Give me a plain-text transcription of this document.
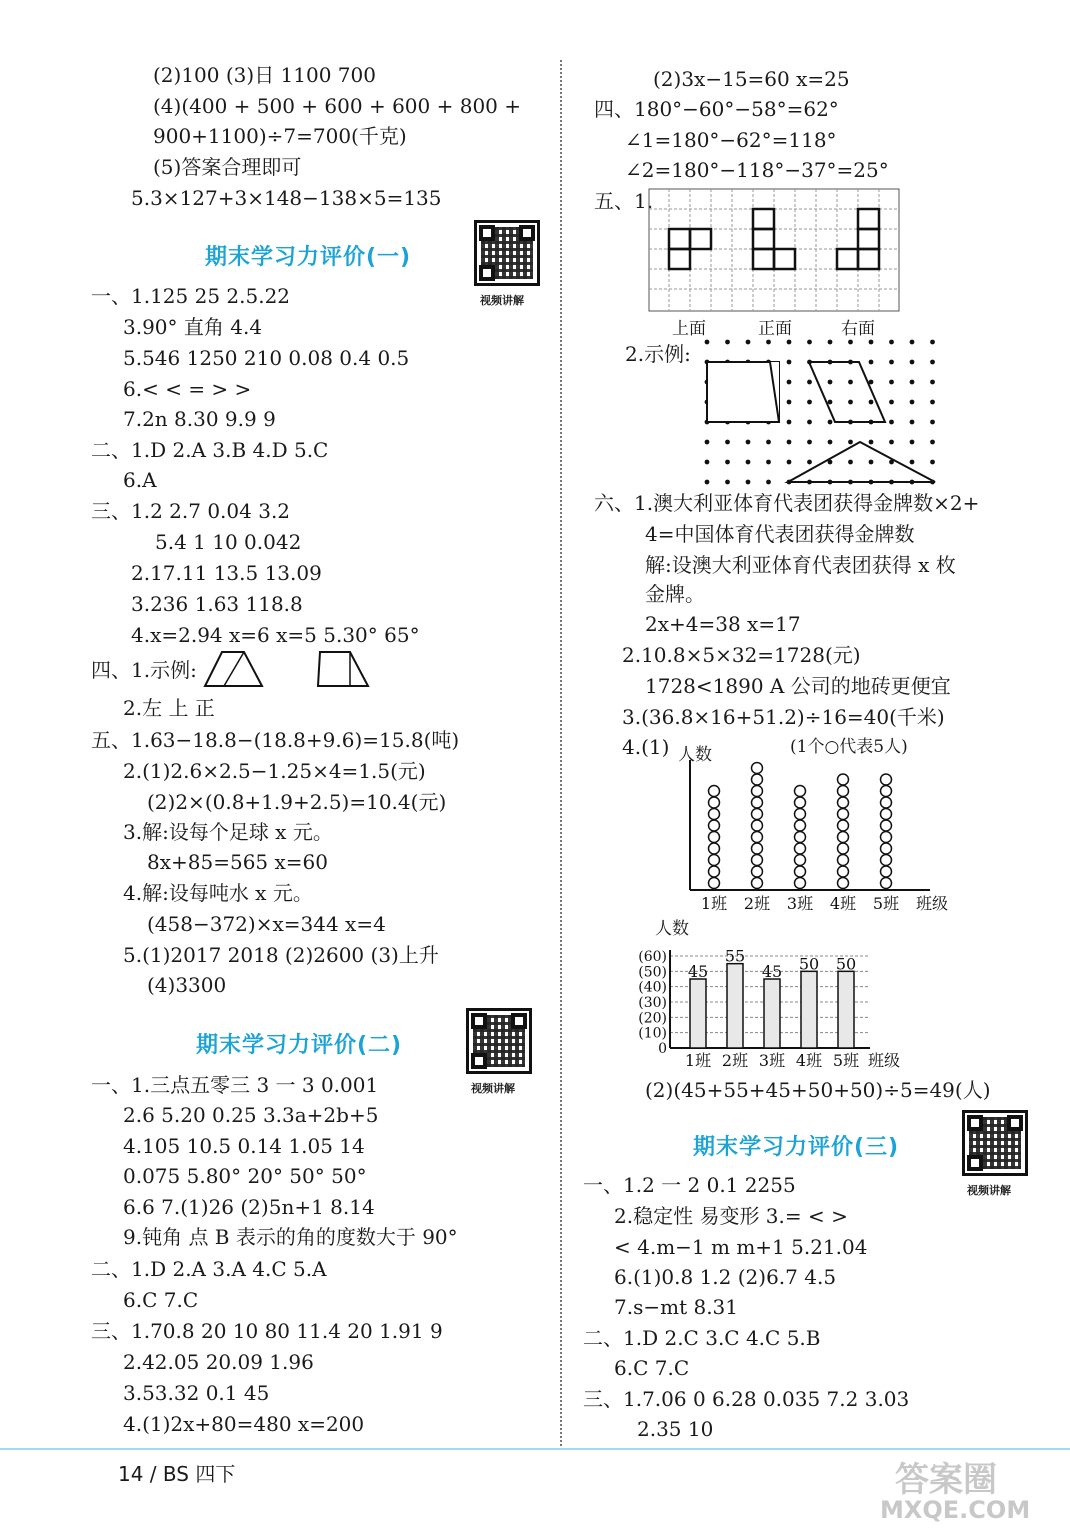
(2)100 (3)日 1100 700
(4)(400 + 500 + 600 + 600 + 800 +
900+1100)÷7=700(千克)
(5)答案合理即可
5.3×127+3×148−138×5=135
期末学习力评价(一)
视频讲解
一、1.125 25 2.5.22
3.90° 直角 4.4
5.546 1250 210 0.08 0.4 0.5
6.< < = > >
7.2n 8.30 9.9 9
二、1.D 2.A 3.B 4.D 5.C
6.A
三、1.2 2.7 0.04 3.2
5.4 1 10 0.042
2.17.11 13.5 13.09
3.236 1.63 118.8
4.x=2.94 x=6 x=5 5.30° 65°
四、1.示例:
2.左 上 正
五、1.63−18.8−(18.8+9.6)=15.8(吨)
2.(1)2.6×2.5−1.25×4=1.5(元)
(2)2×(0.8+1.9+2.5)=10.4(元)
3.解:设每个足球 x 元。
8x+85=565 x=60
4.解:设每吨水 x 元。
(458−372)×x=344 x=4
5.(1)2017 2018 (2)2600 (3)上升
(4)3300
期末学习力评价(二)
视频讲解
一、1.三点五零三 3 一 3 0.001
2.6 5.20 0.25 3.3a+2b+5
4.105 10.5 0.14 1.05 14
0.075 5.80° 20° 50° 50°
6.6 7.(1)26 (2)5n+1 8.14
9.钝角 点 B 表示的角的度数大于 90°
二、1.D 2.A 3.A 4.C 5.A
6.C 7.C
三、1.70.8 20 10 80 11.4 20 1.91 9
2.42.05 20.09 1.96
3.53.32 0.1 45
4.(1)2x+80=480 x=200
(2)3x−15=60 x=25
四、180°−60°−58°=62°
∠1=180°−62°=118°
∠2=180°−118°−37°=25°
五、1.
上面	正面	右面
2.示例:
六、1.澳大利亚体育代表团获得金牌数×2+
4=中国体育代表团获得金牌数
解:设澳大利亚体育代表团获得 x 枚
金牌。
2x+4=38 x=17
2.10.8×5×32=1728(元)
1728<1890 A 公司的地砖更便宜
3.(36.8×16+51.2)÷16=40(千米)
4.(1)	(1个○代表5人)
人数
1班 2班 3班 4班 5班 班级
人数
0
(10)
(20)
(30)
(40)
(50)
(60)
45
1班
55
2班
45
3班
50
4班
50
5班 班级
(2)(45+55+45+50+50)÷5=49(人)
期末学习力评价(三)
视频讲解
一、1.2 一 2 0.1 2255
2.稳定性 易变形 3.= < >
< 4.m−1 m m+1 5.21.04
6.(1)0.8 1.2 (2)6.7 4.5
7.s−mt 8.31
二、1.D 2.C 3.C 4.C 5.B
6.C 7.C
三、1.7.06 0 6.28 0.035 7.2 3.03
2.35 10
14 / BS 四下	答案圈
MXQE.COM
